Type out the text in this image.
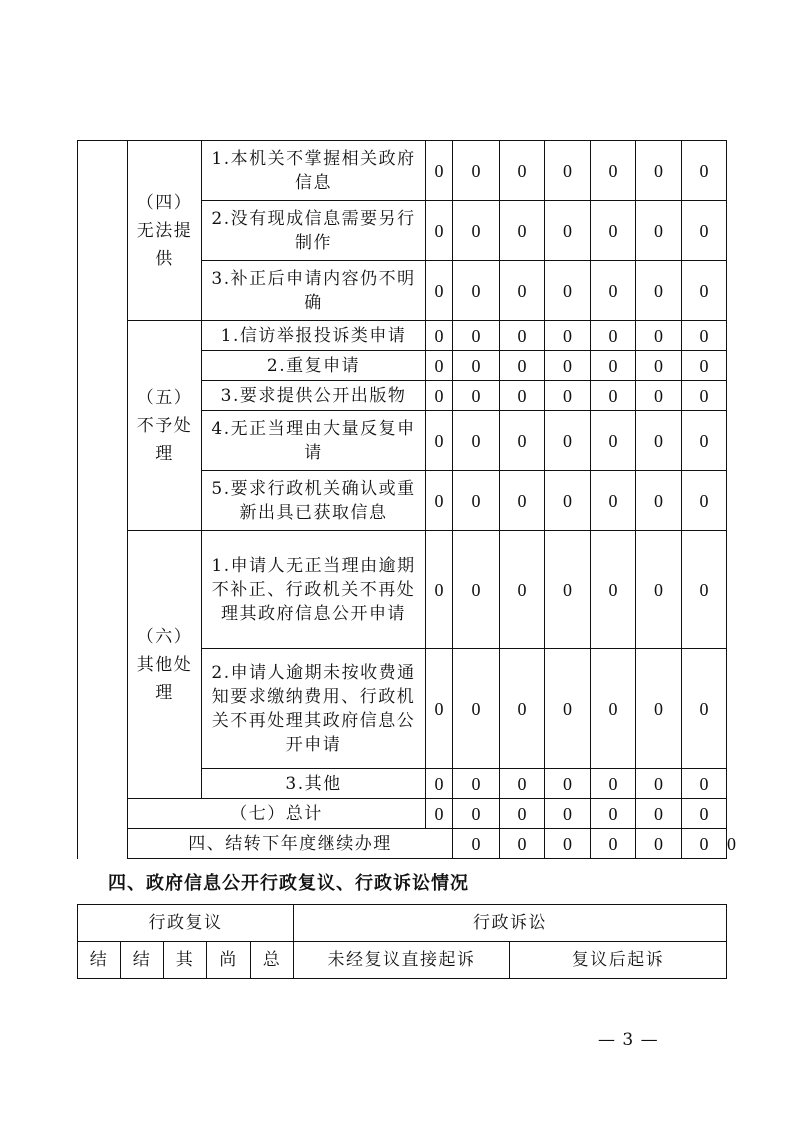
	（四）无法提供	1.本机关不掌握相关政府信息	0	0	0	0	0	0	0	
		2.没有现成信息需要另行制作	0	0	0	0	0	0	0	
		3.补正后申请内容仍不明确	0	0	0	0	0	0	0	
	（五）不予处理	1.信访举报投诉类申请	0	0	0	0	0	0	0	
		2.重复申请	0	0	0	0	0	0	0	
		3.要求提供公开出版物	0	0	0	0	0	0	0	
		4.无正当理由大量反复申请	0	0	0	0	0	0	0	
		5.要求行政机关确认或重新出具已获取信息	0	0	0	0	0	0	0	
	（六）其他处理	1.申请人无正当理由逾期不补正、行政机关不再处理其政府信息公开申请	0	0	0	0	0	0	0	
		2.申请人逾期未按收费通知要求缴纳费用、行政机关不再处理其政府信息公开申请	0	0	0	0	0	0	0	
		3.其他	0	0	0	0	0	0	0	
	（七）总计		0	0	0	0	0	0	0	
	四、结转下年度继续办理			0	0	0	0	0	0	0
四、政府信息公开行政复议、行政诉讼情况
行政复议					行政诉讼	
结	结	其	尚	总	未经复议直接起诉	复议后起诉
— 3 —
